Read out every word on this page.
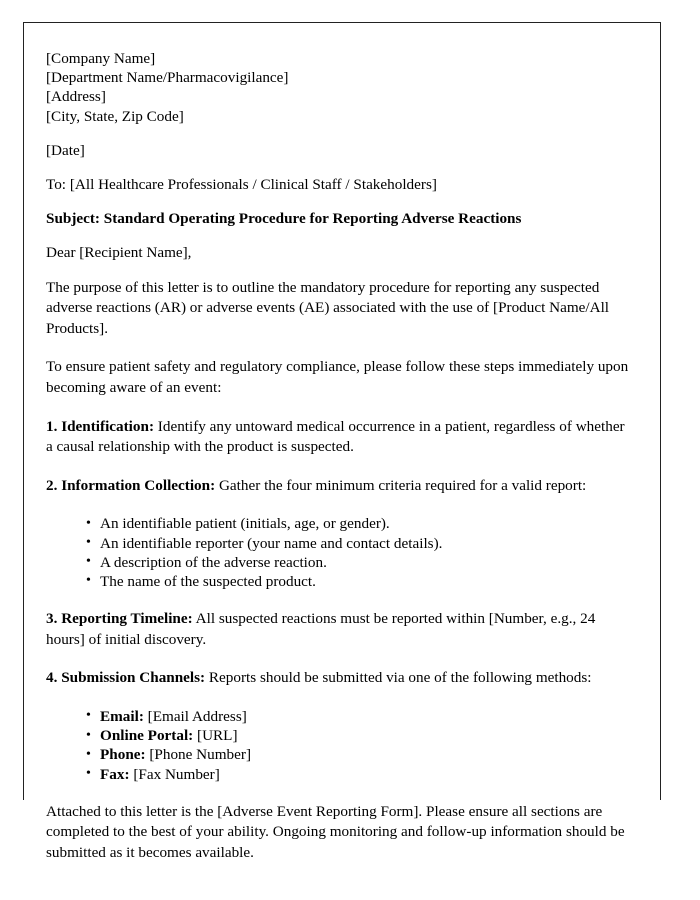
[Company Name]
[Department Name/Pharmacovigilance]
[Address]
[City, State, Zip Code]
[Date]
To: [All Healthcare Professionals / Clinical Staff / Stakeholders]
Subject: Standard Operating Procedure for Reporting Adverse Reactions
Dear [Recipient Name],

The purpose of this letter is to outline the mandatory procedure for reporting any suspected adverse reactions (AR) or adverse events (AE) associated with the use of [Product Name/All Products].

To ensure patient safety and regulatory compliance, please follow these steps immediately upon becoming aware of an event:

1. Identification: Identify any untoward medical occurrence in a patient, regardless of whether a causal relationship with the product is suspected.

2. Information Collection: Gather the four minimum criteria required for a valid report:

• An identifiable patient (initials, age, or gender).
• An identifiable reporter (your name and contact details).
• A description of the adverse reaction.
• The name of the suspected product.

3. Reporting Timeline: All suspected reactions must be reported within [Number, e.g., 24 hours] of initial discovery.

4. Submission Channels: Reports should be submitted via one of the following methods:

• Email: [Email Address]
• Online Portal: [URL]
• Phone: [Phone Number]
• Fax: [Fax Number]

Attached to this letter is the [Adverse Event Reporting Form]. Please ensure all sections are completed to the best of your ability. Ongoing monitoring and follow-up information should be submitted as it becomes available.
